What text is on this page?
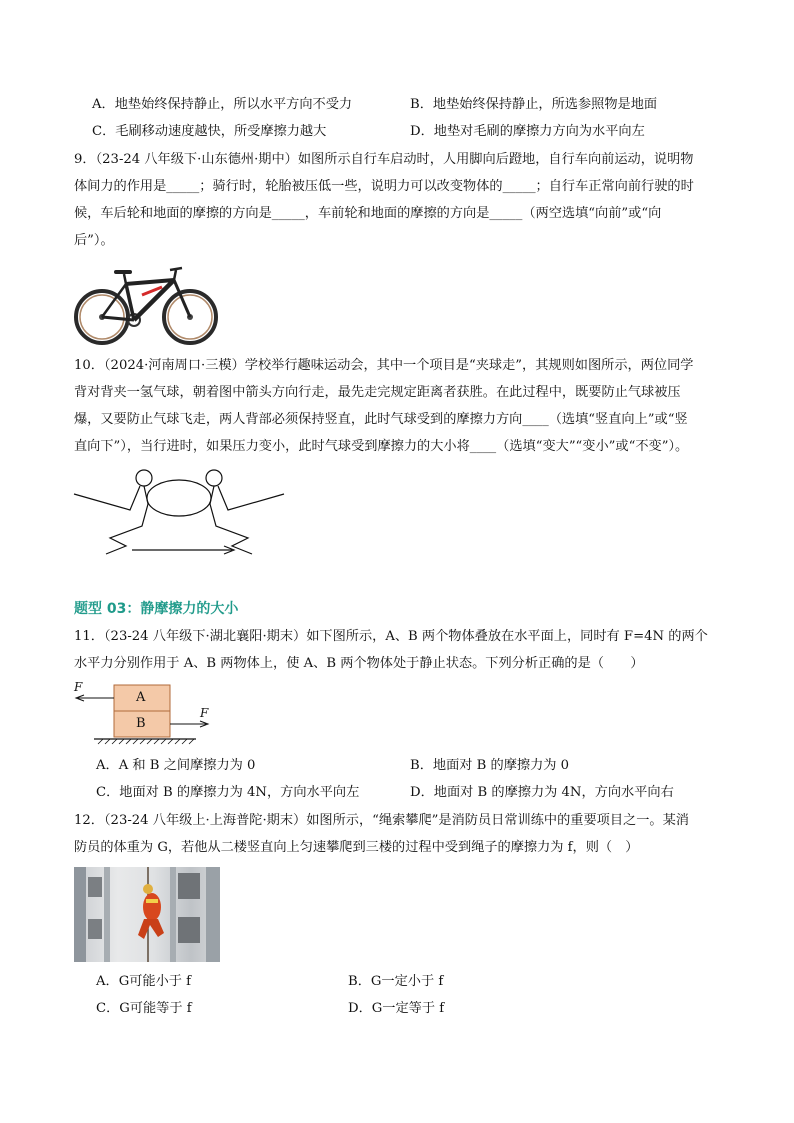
A．地垫始终保持静止，所以水平方向不受力	B．地垫始终保持静止，所选参照物是地面
C．毛刷移动速度越快，所受摩擦力越大	D．地垫对毛刷的摩擦力方向为水平向左
9．（23-24 八年级下·山东德州·期中）如图所示自行车启动时，人用脚向后蹬地，自行车向前运动，说明物
体间力的作用是_____；骑行时，轮胎被压低一些，说明力可以改变物体的_____；自行车正常向前行驶的时
候，车后轮和地面的摩擦的方向是_____，车前轮和地面的摩擦的方向是_____（两空选填“向前”或“向
后”）。
10．（2024·河南周口·三模）学校举行趣味运动会，其中一个项目是“夹球走”，其规则如图所示，两位同学
背对背夹一氢气球，朝着图中箭头方向行走，最先走完规定距离者获胜。在此过程中，既要防止气球被压
爆，又要防止气球飞走，两人背部必须保持竖直，此时气球受到的摩擦力方向____（选填“竖直向上”或“竖
直向下”），当行进时，如果压力变小，此时气球受到摩擦力的大小将____（选填“变大”“变小”或“不变”）。
题型 03：静摩擦力的大小
11．（23-24 八年级下·湖北襄阳·期末）如下图所示，A、B 两个物体叠放在水平面上，同时有 F=4N 的两个
水平力分别作用于 A、B 两物体上，使 A、B 两个物体处于静止状态。下列分析正确的是（　　）
F
F
A
B
A．A 和 B 之间摩擦力为 0	B．地面对 B 的摩擦力为 0
C．地面对 B 的摩擦力为 4N，方向水平向左	D．地面对 B 的摩擦力为 4N，方向水平向右
12．（23-24 八年级上·上海普陀·期末）如图所示，“绳索攀爬”是消防员日常训练中的重要项目之一。某消
防员的体重为 G，若他从二楼竖直向上匀速攀爬到三楼的过程中受到绳子的摩擦力为 f，则（　）
A．G可能小于 f	B．G一定小于 f
C．G可能等于 f	D．G一定等于 f
